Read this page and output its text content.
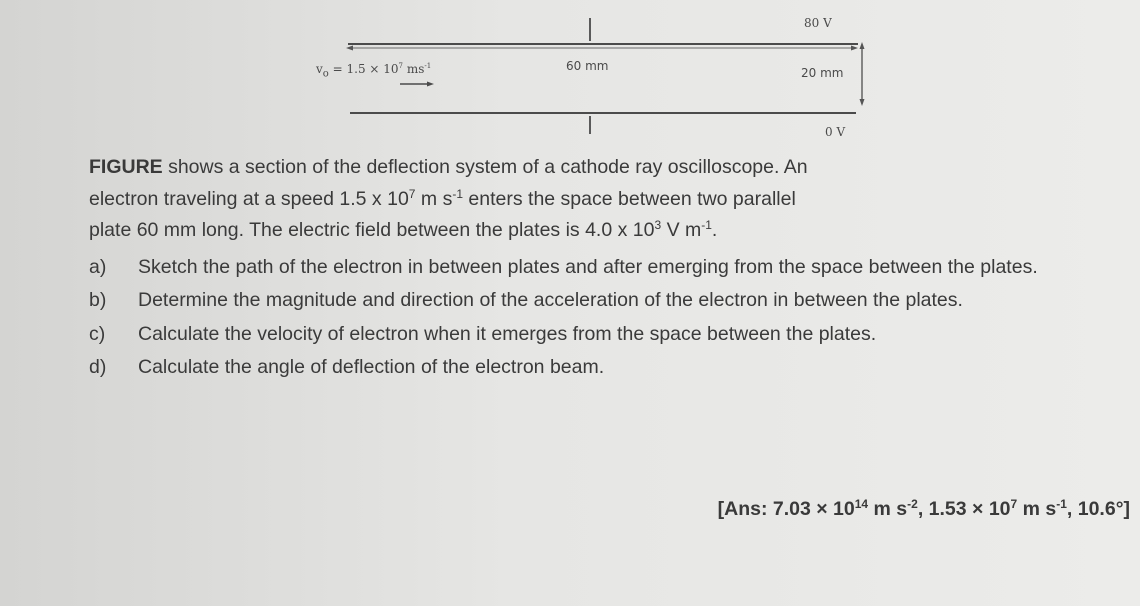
80 V
0 V
60 mm	20 mm
$v_o = 1.5 \times 10^7$ $ms^{-1}$
FIGURE shows a section of the deflection system of a cathode ray oscilloscope. An
electron traveling at a speed 1.5 x $10^7$ m $s^{-1}$ enters the space between two parallel
plate 60 mm long. The electric field between the plates is 4.0 x $10^3$ V $m^{-1}$.
a)	Sketch the path of the electron in between plates and after emerging from the space between the plates.
b)	Determine the magnitude and direction of the acceleration of the electron in between the plates.
c)	Calculate the velocity of electron when it emerges from the space between the plates.
d)	Calculate the angle of deflection of the electron beam.
[Ans: $7.03 \times 10^{14}$ m $s^{-2}$, $1.53 \times 10^7$ m $s^{-1}$, 10.6°]
